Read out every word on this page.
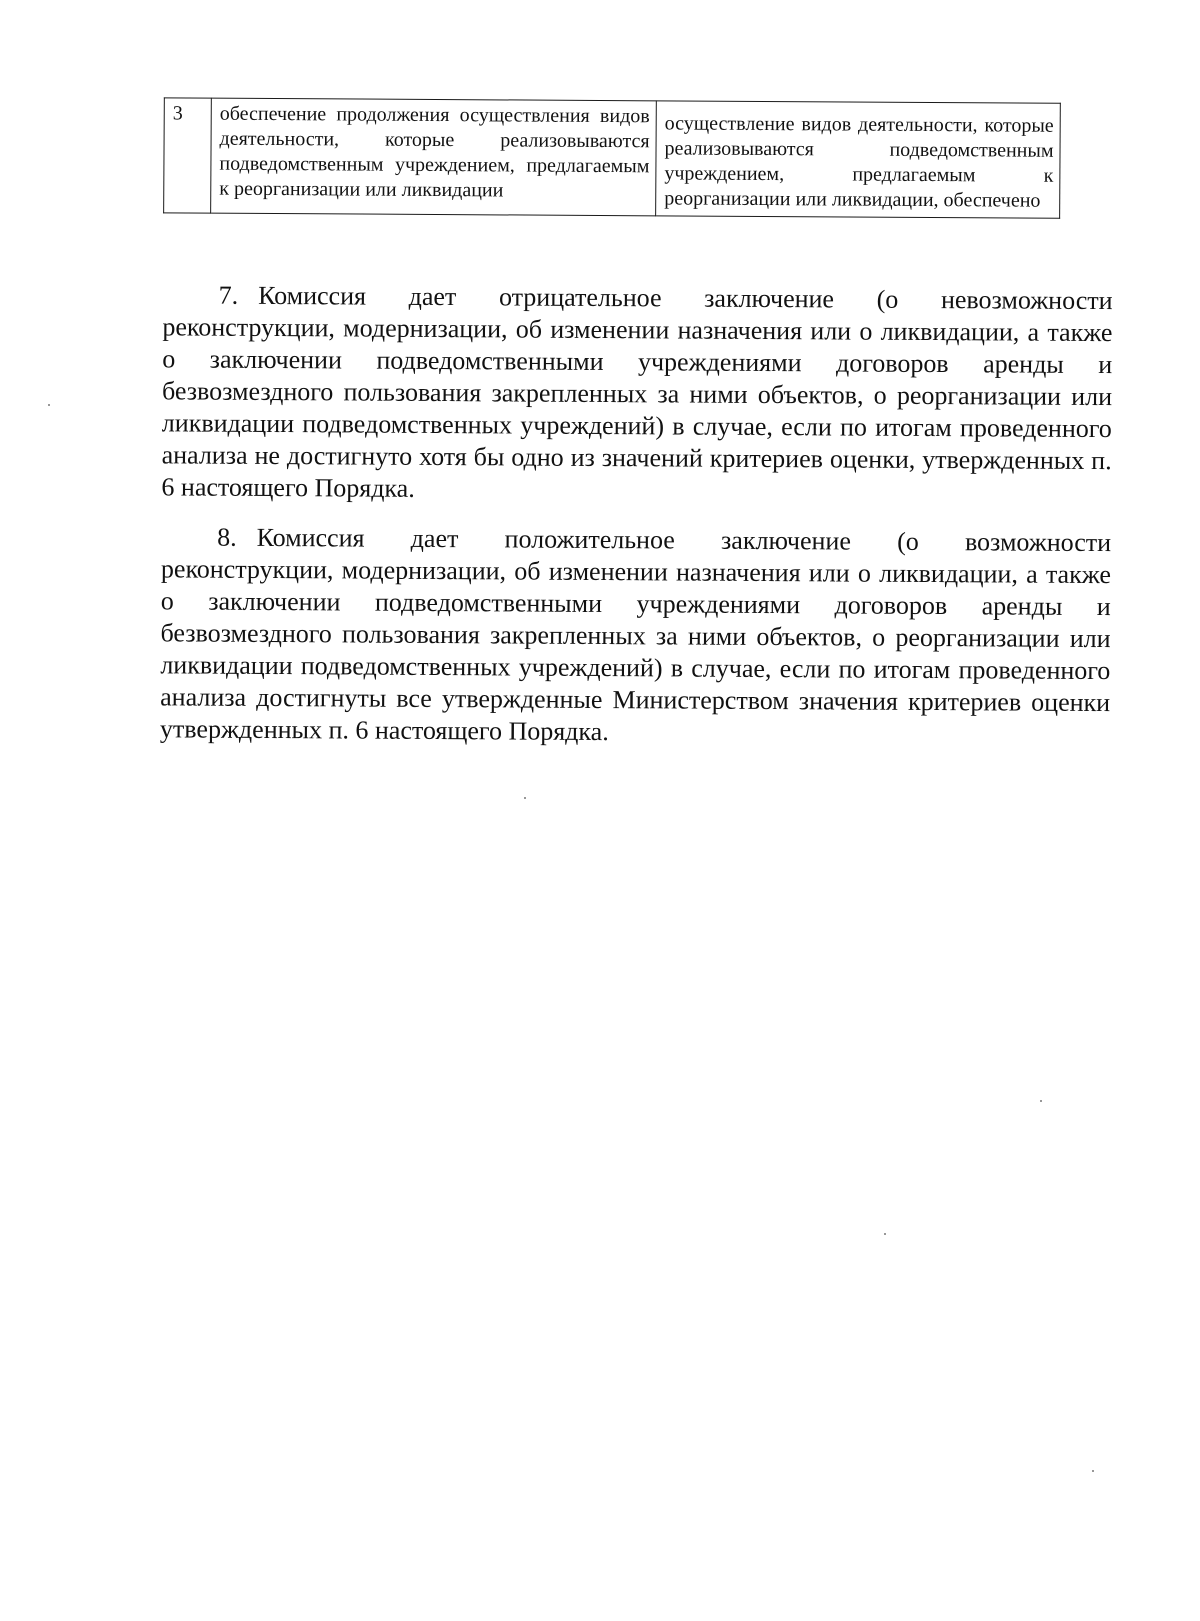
3	обеспечение продолжения осуществления видов деятельности, которые реализовываются подведомственным учреждением, предлагаемым к реорганизации или ликвидации	осуществление видов деятельности, которые реализовываются подведомственным учреждением, предлагаемым к реорганизации или ликвидации, обеспечено

7. Комиссия дает отрицательное заключение (о невозможности
реконструкции, модернизации, об изменении назначения или о ликвидации, а также о заключении подведомственными учреждениями договоров аренды и безвозмездного пользования закрепленных за ними объектов, о реорганизации или ликвидации подведомственных учреждений) в случае, если по итогам проведенного анализа не достигнуто хотя бы одно из значений критериев оценки, утвержденных п. 6 настоящего Порядка.

8. Комиссия дает положительное заключение (о возможности
реконструкции, модернизации, об изменении назначения или о ликвидации, а также о заключении подведомственными учреждениями договоров аренды и безвозмездного пользования закрепленных за ними объектов, о реорганизации или ликвидации подведомственных учреждений) в случае, если по итогам проведенного анализа достигнуты все утвержденные Министерством значения критериев оценки утвержденных п. 6 настоящего Порядка.
